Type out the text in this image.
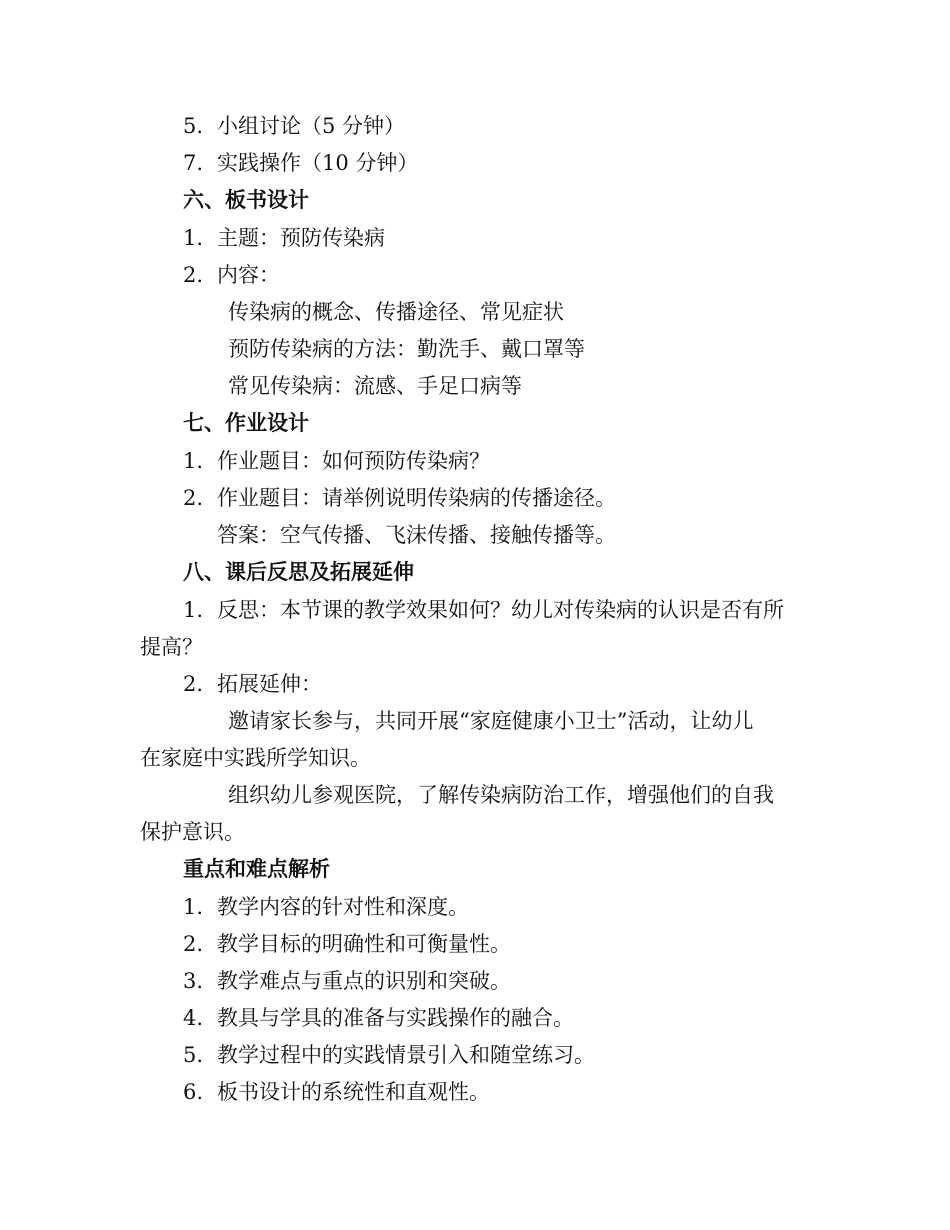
5. 小组讨论（5 分钟）
7. 实践操作（10 分钟）
六、板书设计
1. 主题：预防传染病
2. 内容：
传染病的概念、传播途径、常见症状
预防传染病的方法：勤洗手、戴口罩等
常见传染病：流感、手足口病等
七、作业设计
1. 作业题目：如何预防传染病？
2. 作业题目：请举例说明传染病的传播途径。
答案：空气传播、飞沫传播、接触传播等。
八、课后反思及拓展延伸
1. 反思：本节课的教学效果如何？幼儿对传染病的认识是否有所
提高？
2. 拓展延伸：
邀请家长参与，共同开展“家庭健康小卫士”活动，让幼儿
在家庭中实践所学知识。
组织幼儿参观医院，了解传染病防治工作，增强他们的自我
保护意识。
重点和难点解析
1. 教学内容的针对性和深度。
2. 教学目标的明确性和可衡量性。
3. 教学难点与重点的识别和突破。
4. 教具与学具的准备与实践操作的融合。
5. 教学过程中的实践情景引入和随堂练习。
6. 板书设计的系统性和直观性。
